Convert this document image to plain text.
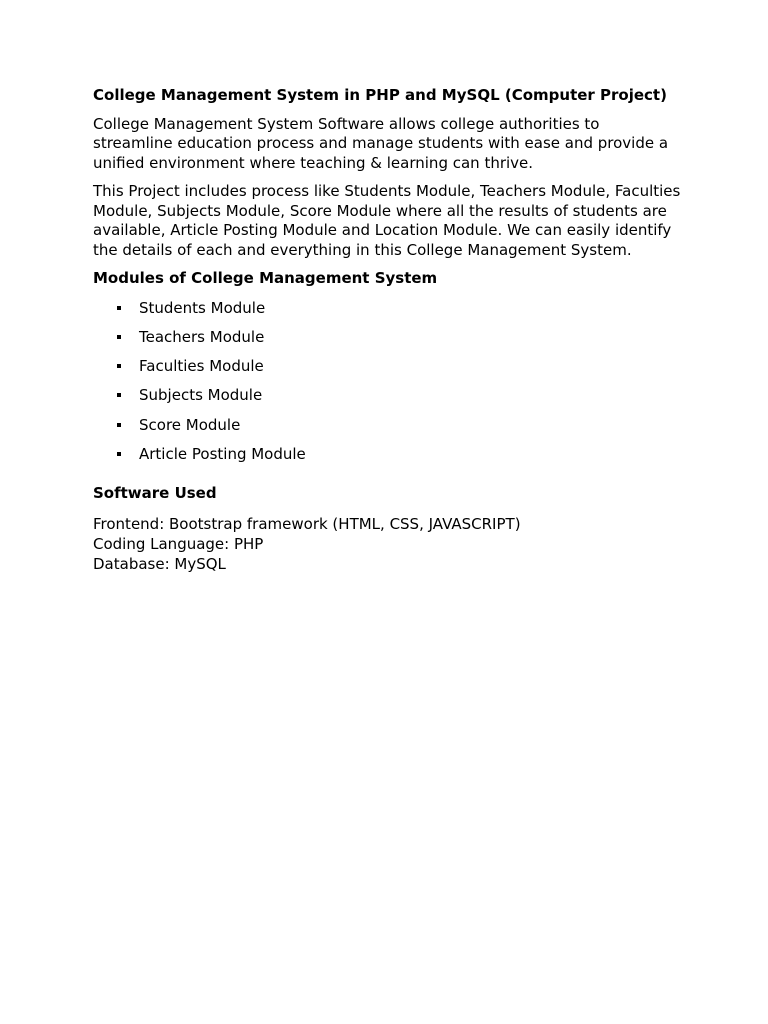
College Management System in PHP and MySQL (Computer Project)

College Management System Software allows college authorities to streamline education process and manage students with ease and provide a unified environment where teaching & learning can thrive.

This Project includes process like Students Module, Teachers Module, Faculties Module, Subjects Module, Score Module where all the results of students are available, Article Posting Module and Location Module. We can easily identify the details of each and everything in this College Management System.

Modules of College Management System

Students Module
Teachers Module
Faculties Module
Subjects Module
Score Module
Article Posting Module

Software Used

Frontend: Bootstrap framework (HTML, CSS, JAVASCRIPT)
Coding Language: PHP
Database: MySQL
